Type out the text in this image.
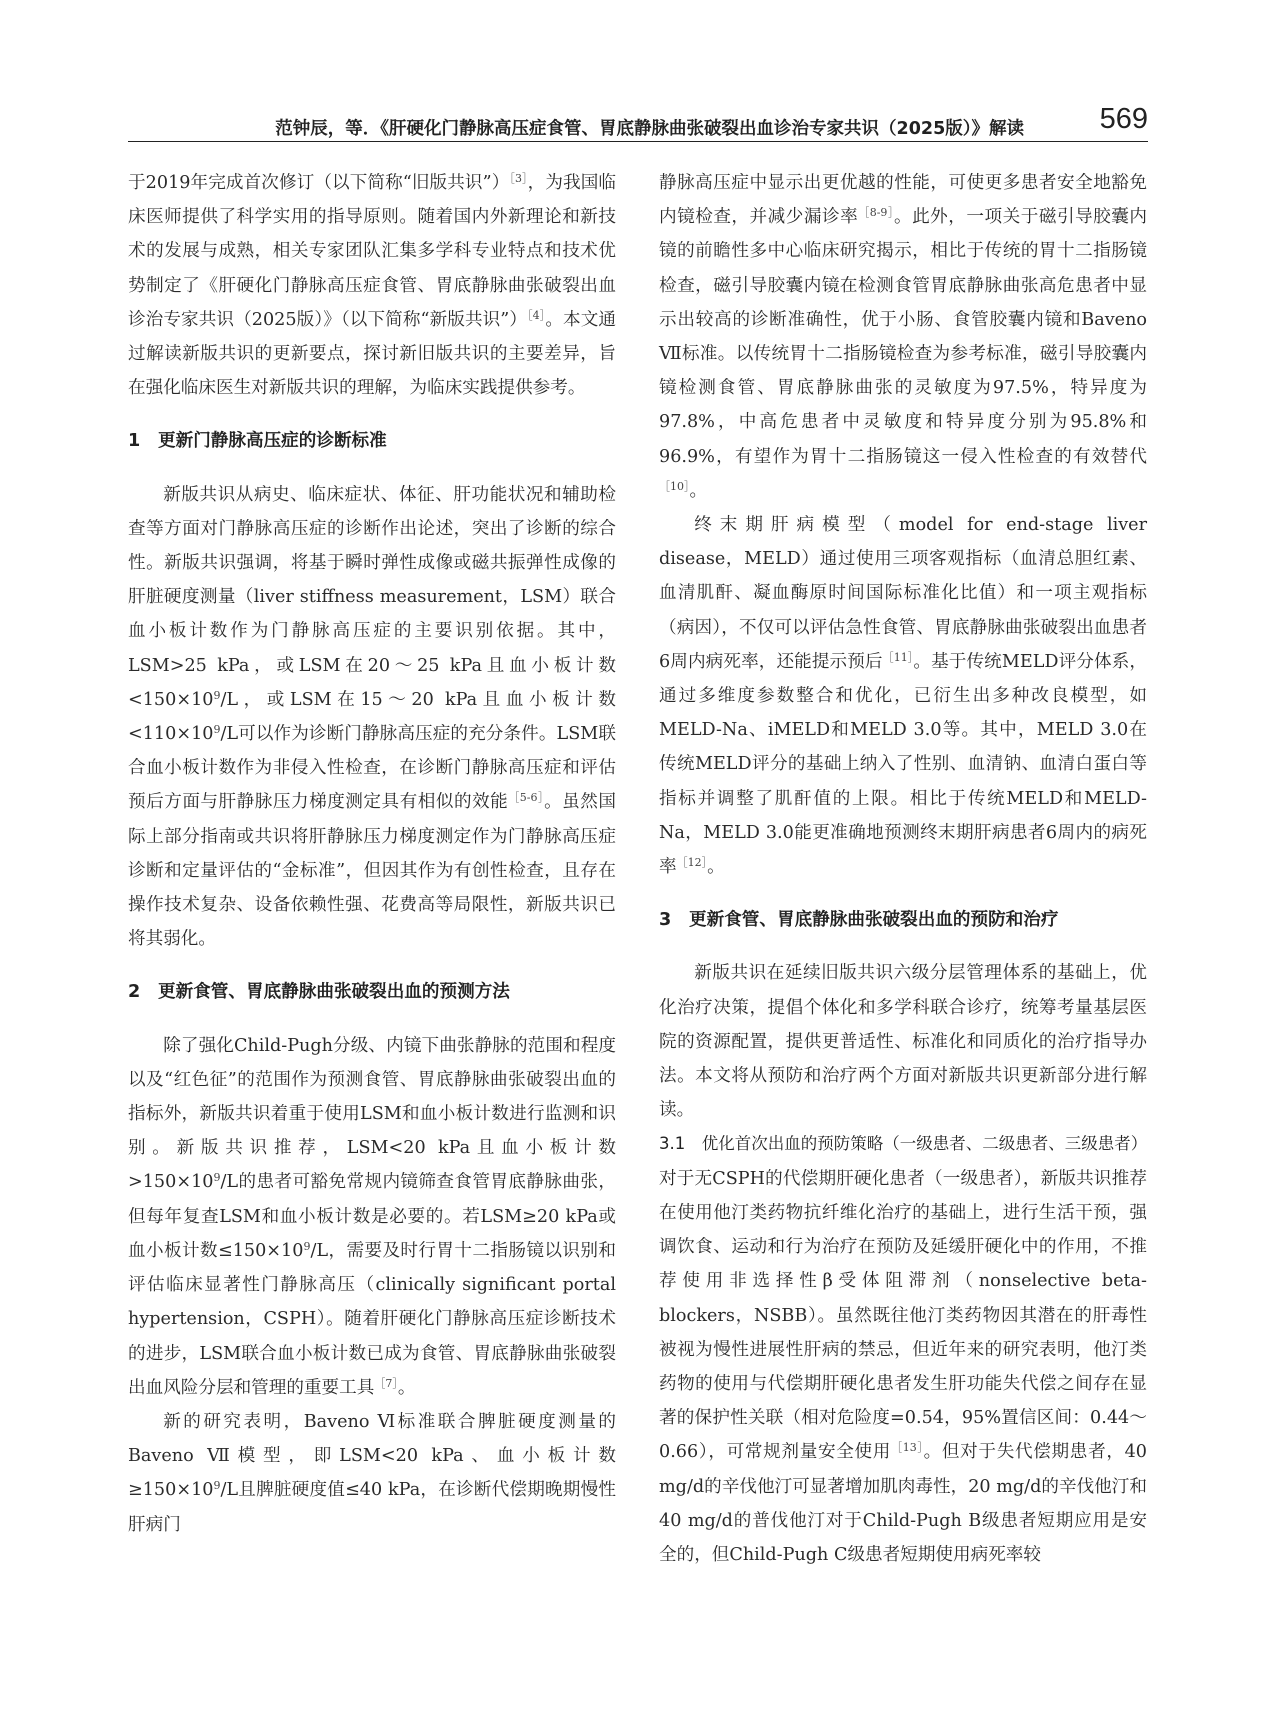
范钟辰，等．《肝硬化门静脉高压症食管、胃底静脉曲张破裂出血诊治专家共识（2025版）》解读	569

于2019年完成首次修订（以下简称“旧版共识”）$^{[3]}$，为我国临床医师提供了科学实用的指导原则。随着国内外新理论和新技术的发展与成熟，相关专家团队汇集多学科专业特点和技术优势制定了《肝硬化门静脉高压症食管、胃底静脉曲张破裂出血诊治专家共识（2025版）》（以下简称“新版共识”）$^{[4]}$。本文通过解读新版共识的更新要点，探讨新旧版共识的主要差异，旨在强化临床医生对新版共识的理解，为临床实践提供参考。

1 更新门静脉高压症的诊断标准

新版共识从病史、临床症状、体征、肝功能状况和辅助检查等方面对门静脉高压症的诊断作出论述，突出了诊断的综合性。新版共识强调，将基于瞬时弹性成像或磁共振弹性成像的肝脏硬度测量（liver stiffness measurement，LSM）联合血小板计数作为门静脉高压症的主要识别依据。其中，LSM>25 kPa，或LSM在20～25 kPa且血小板计数$<150\times 10^9/L$，或LSM在15～20 kPa且血小板计数$<110\times 10^9/L$可以作为诊断门静脉高压症的充分条件。LSM联合血小板计数作为非侵入性检查，在诊断门静脉高压症和评估预后方面与肝静脉压力梯度测定具有相似的效能$^{[5-6]}$。虽然国际上部分指南或共识将肝静脉压力梯度测定作为门静脉高压症诊断和定量评估的“金标准”，但因其作为有创性检查，且存在操作技术复杂、设备依赖性强、花费高等局限性，新版共识已将其弱化。

2 更新食管、胃底静脉曲张破裂出血的预测方法

除了强化Child-Pugh分级、内镜下曲张静脉的范围和程度以及“红色征”的范围作为预测食管、胃底静脉曲张破裂出血的指标外，新版共识着重于使用LSM和血小板计数进行监测和识别。新版共识推荐，LSM<20 kPa且血小板计数$>150\times 10^9/L$的患者可豁免常规内镜筛查食管胃底静脉曲张，但每年复查LSM和血小板计数是必要的。若LSM≥20 kPa或血小板计数$\le 150\times 10^9/L$，需要及时行胃十二指肠镜以识别和评估临床显著性门静脉高压（clinically significant portal hypertension，CSPH）。随着肝硬化门静脉高压症诊断技术的进步，LSM联合血小板计数已成为食管、胃底静脉曲张破裂出血风险分层和管理的重要工具$^{[7]}$。

新的研究表明，Baveno Ⅵ标准联合脾脏硬度测量的Baveno Ⅶ模型，即LSM<20 kPa、血小板计数$\ge 150\times 10^9/L$且脾脏硬度值≤40 kPa，在诊断代偿期晚期慢性肝病门

静脉高压症中显示出更优越的性能，可使更多患者安全地豁免内镜检查，并减少漏诊率$^{[8-9]}$。此外，一项关于磁引导胶囊内镜的前瞻性多中心临床研究揭示，相比于传统的胃十二指肠镜检查，磁引导胶囊内镜在检测食管胃底静脉曲张高危患者中显示出较高的诊断准确性，优于小肠、食管胶囊内镜和Baveno Ⅶ标准。以传统胃十二指肠镜检查为参考标准，磁引导胶囊内镜检测食管、胃底静脉曲张的灵敏度为97.5%，特异度为97.8%，中高危患者中灵敏度和特异度分别为95.8%和96.9%，有望作为胃十二指肠镜这一侵入性检查的有效替代$^{[10]}$。

终末期肝病模型（model for end-stage liver disease，MELD）通过使用三项客观指标（血清总胆红素、血清肌酐、凝血酶原时间国际标准化比值）和一项主观指标（病因），不仅可以评估急性食管、胃底静脉曲张破裂出血患者6周内病死率，还能提示预后$^{[11]}$。基于传统MELD评分体系，通过多维度参数整合和优化，已衍生出多种改良模型，如MELD-Na、iMELD和MELD 3.0等。其中，MELD 3.0在传统MELD评分的基础上纳入了性别、血清钠、血清白蛋白等指标并调整了肌酐值的上限。相比于传统MELD和MELD-Na，MELD 3.0能更准确地预测终末期肝病患者6周内的病死率$^{[12]}$。

3 更新食管、胃底静脉曲张破裂出血的预防和治疗

新版共识在延续旧版共识六级分层管理体系的基础上，优化治疗决策，提倡个体化和多学科联合诊疗，统筹考量基层医院的资源配置，提供更普适性、标准化和同质化的治疗指导办法。本文将从预防和治疗两个方面对新版共识更新部分进行解读。

3.1　优化首次出血的预防策略（一级患者、二级患者、三级患者）　对于无CSPH的代偿期肝硬化患者（一级患者），新版共识推荐在使用他汀类药物抗纤维化治疗的基础上，进行生活干预，强调饮食、运动和行为治疗在预防及延缓肝硬化中的作用，不推荐使用非选择性β受体阻滞剂（nonselective beta-blockers，NSBB）。虽然既往他汀类药物因其潜在的肝毒性被视为慢性进展性肝病的禁忌，但近年来的研究表明，他汀类药物的使用与代偿期肝硬化患者发生肝功能失代偿之间存在显著的保护性关联（相对危险度=0.54，95%置信区间：0.44～0.66），可常规剂量安全使用$^{[13]}$。但对于失代偿期患者，40 mg/d的辛伐他汀可显著增加肌肉毒性，20 mg/d的辛伐他汀和40 mg/d的普伐他汀对于Child-Pugh B级患者短期应用是安全的，但Child-Pugh C级患者短期使用病死率较
